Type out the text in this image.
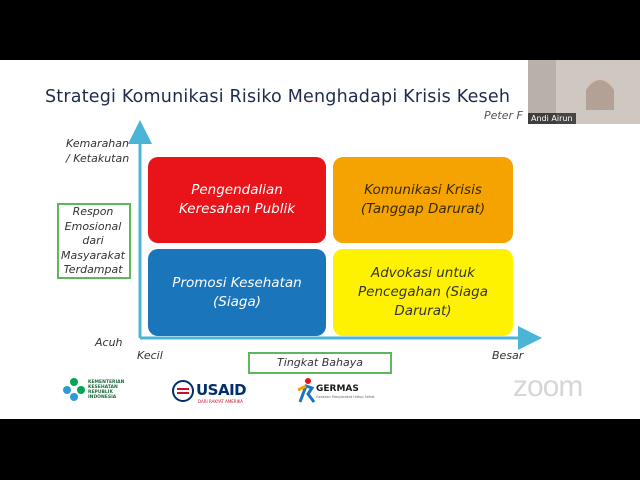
Strategi Komunikasi Risiko Menghadapi Krisis Keseh
Peter F
Kemarahan / Ketakutan
Respon Emosional dari Masyarakat Terdampat
Acuh
Kecil
Tingkat Bahaya
Besar
Pengendalian Keresahan Publik
Komunikasi Krisis (Tanggap Darurat)
Promosi Kesehatan (Siaga)
Advokasi untuk Pencegahan (Siaga Darurat)
KEMENTERIAN KESEHATAN REPUBLIK INDONESIA	USAID
DARI RAKYAT AMERIKA
GERMAS
Gerakan Masyarakat Hidup Sehat	zoom
Andi Airun
